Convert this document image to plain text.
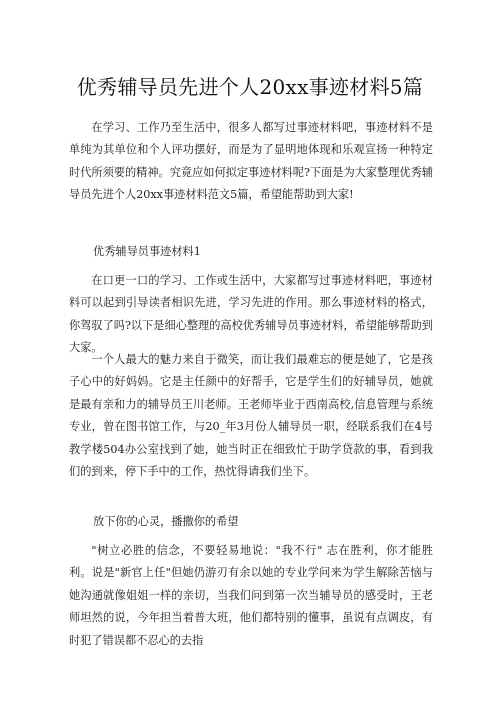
优秀辅导员先进个人20xx事迹材料5篇

在学习、工作乃至生活中，很多人都写过事迹材料吧，事迹材料不是单纯为其单位和个人评功摆好，而是为了显明地体现和乐观宣扬一种特定时代所须要的精神。究竟应如何拟定事迹材料呢?下面是为大家整理优秀辅导员先进个人20xx事迹材料范文5篇，希望能帮助到大家!

优秀辅导员事迹材料1

在口更一口的学习、工作或生活中，大家都写过事迹材料吧，事迹材料可以起到引导读者相识先进，学习先进的作用。那么事迹材料的格式，你驾驭了吗?以下是细心整理的高校优秀辅导员事迹材料，希望能够帮助到大家。

一个人最大的魅力来自于微笑，而让我们最难忘的便是她了，它是孩子心中的好妈妈。它是主任颜中的好帮手，它是学生们的好辅导员，她就是最有亲和力的辅导员王川老师。王老师毕业于西南高校,信息管理与系统专业，曾在图书馆工作，与20_年3月份人辅导员一职，经联系我们在4号教学楼504办公室找到了她，她当时正在细致忙于助学贷款的事，看到我们的到来，停下手中的工作，热忱得请我们坐下。

放下你的心灵，播撒你的希望

"树立必胜的信念，不要轻易地说："我不行" 志在胜利，你才能胜利。说是"新官上任"但她仍游刃有余以她的专业学问来为学生解除苦恼与她沟通就像姐姐一样的亲切，当我们问到第一次当辅导员的感受时，王老师坦然的说，今年担当着普大班，他们都特别的懂事，虽说有点调皮，有时犯了错误都不忍心的去指
